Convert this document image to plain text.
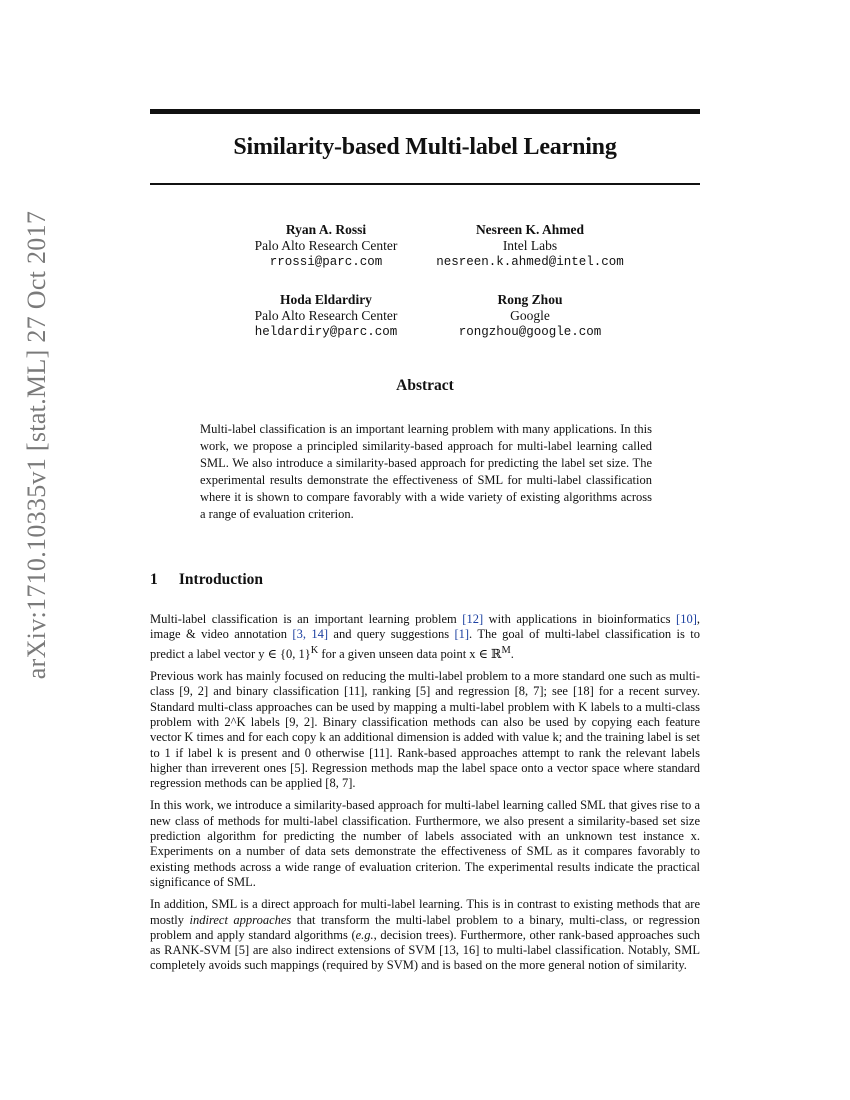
arXiv:1710.10335v1 [stat.ML] 27 Oct 2017
Similarity-based Multi-label Learning
Ryan A. Rossi
Palo Alto Research Center
rrossi@parc.com
Nesreen K. Ahmed
Intel Labs
nesreen.k.ahmed@intel.com
Hoda Eldardiry
Palo Alto Research Center
heldardiry@parc.com
Rong Zhou
Google
rongzhou@google.com
Abstract
Multi-label classification is an important learning problem with many applications. In this work, we propose a principled similarity-based approach for multi-label learning called SML. We also introduce a similarity-based approach for predicting the label set size. The experimental results demonstrate the effectiveness of SML for multi-label classification where it is shown to compare favorably with a wide variety of existing algorithms across a range of evaluation criterion.
1 Introduction

Multi-label classification is an important learning problem [12] with applications in bioinformatics [10], image & video annotation [3, 14] and query suggestions [1]. The goal of multi-label classification is to predict a label vector y ∈ {0, 1}$^K$ for a given unseen data point x ∈ ℝ$^M$.

Previous work has mainly focused on reducing the multi-label problem to a more standard one such as multi-class [9, 2] and binary classification [11], ranking [5] and regression [8, 7]; see [18] for a recent survey. Standard multi-class approaches can be used by mapping a multi-label problem with K labels to a multi-class problem with 2^K labels [9, 2]. Binary classification methods can also be used by copying each feature vector K times and for each copy k an additional dimension is added with value k; and the training label is set to 1 if label k is present and 0 otherwise [11]. Rank-based approaches attempt to rank the relevant labels higher than irreverent ones [5]. Regression methods map the label space onto a vector space where standard regression methods can be applied [8, 7].

In this work, we introduce a similarity-based approach for multi-label learning called SML that gives rise to a new class of methods for multi-label classification. Furthermore, we also present a similarity-based set size prediction algorithm for predicting the number of labels associated with an unknown test instance x. Experiments on a number of data sets demonstrate the effectiveness of SML as it compares favorably to existing methods across a wide range of evaluation criterion. The experimental results indicate the practical significance of SML.

In addition, SML is a direct approach for multi-label learning. This is in contrast to existing methods that are mostly indirect approaches that transform the multi-label problem to a binary, multi-class, or regression problem and apply standard algorithms (e.g., decision trees). Furthermore, other rank-based approaches such as RANK-SVM [5] are also indirect extensions of SVM [13, 16] to multi-label classification. Notably, SML completely avoids such mappings (required by SVM) and is based on the more general notion of similarity.
